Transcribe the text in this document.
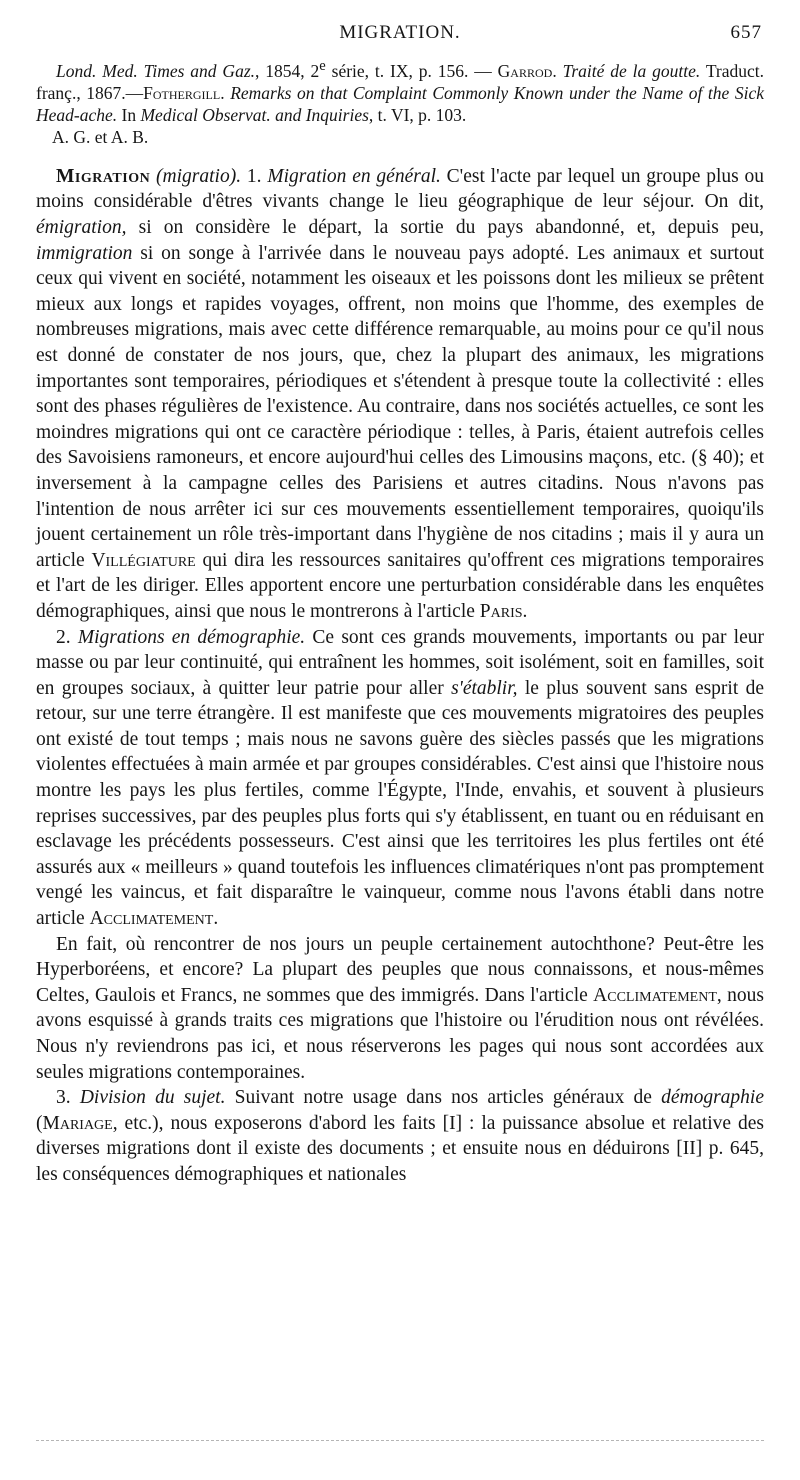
MIGRATION.	657

Lond. Med. Times and Gaz., 1854, 2e série, t. IX, p. 156. — Garrod. Traité de la goutte. Traduct. franç., 1867.—Fothergill. Remarks on that Complaint Commonly Known under the Name of the Sick Head-ache. In Medical Observat. and Inquiries, t. VI, p. 103.

A. G. et A. B.

Migration (migratio). 1. Migration en général. C'est l'acte par lequel un groupe plus ou moins considérable d'êtres vivants change le lieu géographique de leur séjour. On dit, émigration, si on considère le départ, la sortie du pays abandonné, et, depuis peu, immigration si on songe à l'arrivée dans le nouveau pays adopté. Les animaux et surtout ceux qui vivent en société, notamment les oiseaux et les poissons dont les milieux se prêtent mieux aux longs et rapides voyages, offrent, non moins que l'homme, des exemples de nombreuses migrations, mais avec cette différence remarquable, au moins pour ce qu'il nous est donné de constater de nos jours, que, chez la plupart des animaux, les migrations importantes sont temporaires, périodiques et s'étendent à presque toute la collectivité : elles sont des phases régulières de l'existence. Au contraire, dans nos sociétés actuelles, ce sont les moindres migrations qui ont ce caractère périodique : telles, à Paris, étaient autrefois celles des Savoisiens ramoneurs, et encore aujourd'hui celles des Limousins maçons, etc. (§ 40); et inversement à la campagne celles des Parisiens et autres citadins. Nous n'avons pas l'intention de nous arrêter ici sur ces mouvements essentiellement temporaires, quoiqu'ils jouent certainement un rôle très-important dans l'hygiène de nos citadins ; mais il y aura un article Villégiature qui dira les ressources sanitaires qu'offrent ces migrations temporaires et l'art de les diriger. Elles apportent encore une perturbation considérable dans les enquêtes démographiques, ainsi que nous le montrerons à l'article Paris.

2. Migrations en démographie. Ce sont ces grands mouvements, importants ou par leur masse ou par leur continuité, qui entraînent les hommes, soit isolément, soit en familles, soit en groupes sociaux, à quitter leur patrie pour aller s'établir, le plus souvent sans esprit de retour, sur une terre étrangère. Il est manifeste que ces mouvements migratoires des peuples ont existé de tout temps ; mais nous ne savons guère des siècles passés que les migrations violentes effectuées à main armée et par groupes considérables. C'est ainsi que l'histoire nous montre les pays les plus fertiles, comme l'Égypte, l'Inde, envahis, et souvent à plusieurs reprises successives, par des peuples plus forts qui s'y établissent, en tuant ou en réduisant en esclavage les précédents possesseurs. C'est ainsi que les territoires les plus fertiles ont été assurés aux « meilleurs » quand toutefois les influences climatériques n'ont pas promptement vengé les vaincus, et fait disparaître le vainqueur, comme nous l'avons établi dans notre article Acclimatement.

En fait, où rencontrer de nos jours un peuple certainement autochthone? Peut-être les Hyperboréens, et encore? La plupart des peuples que nous connaissons, et nous-mêmes Celtes, Gaulois et Francs, ne sommes que des immigrés. Dans l'article Acclimatement, nous avons esquissé à grands traits ces migrations que l'histoire ou l'érudition nous ont révélées. Nous n'y reviendrons pas ici, et nous réserverons les pages qui nous sont accordées aux seules migrations contemporaines.

3. Division du sujet. Suivant notre usage dans nos articles généraux de démographie (Mariage, etc.), nous exposerons d'abord les faits [I] : la puissance absolue et relative des diverses migrations dont il existe des documents ; et ensuite nous en déduirons [II] p. 645, les conséquences démographiques et nationales
